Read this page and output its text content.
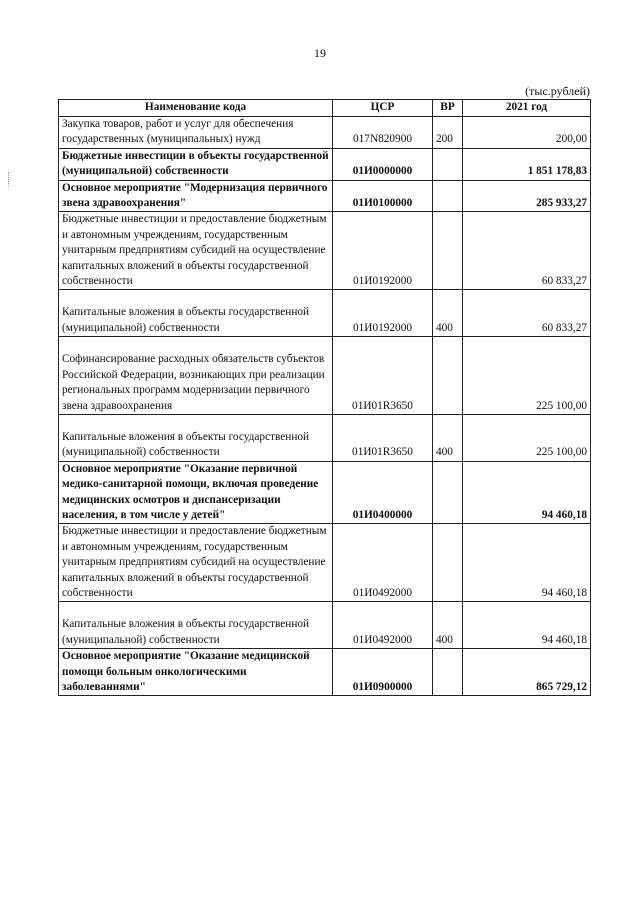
19
(тыс.рублей)
Наименование кода	ЦСР	ВР	2021 год
Закупка товаров, работ и услуг для обеспечения государственных (муниципальных) нужд	017N820900	200	200,00
Бюджетные инвестиции в объекты государственной (муниципальной) собственности	01И0000000		1 851 178,83
Основное мероприятие "Модернизация первичного звена здравоохранения"	01И0100000		285 933,27
Бюджетные инвестиции и предоставление бюджетным и автономным учреждениям, государственным унитарным предприятиям субсидий на осуществление капитальных вложений в объекты государственной собственности	01И0192000		60 833,27
Капитальные вложения в объекты государственной (муниципальной) собственности	01И0192000	400	60 833,27
Софинансирование расходных обязательств субъектов Российской Федерации, возникающих при реализации региональных программ модернизации первичного звена здравоохранения	01И01R3650		225 100,00
Капитальные вложения в объекты государственной (муниципальной) собственности	01И01R3650	400	225 100,00
Основное мероприятие "Оказание первичной медико-санитарной помощи, включая проведение медицинских осмотров и диспансеризации населения, в том числе у детей"	01И0400000		94 460,18
Бюджетные инвестиции и предоставление бюджетным и автономным учреждениям, государственным унитарным предприятиям субсидий на осуществление капитальных вложений в объекты государственной собственности	01И0492000		94 460,18
Капитальные вложения в объекты государственной (муниципальной) собственности	01И0492000	400	94 460,18
Основное мероприятие "Оказание медицинской помощи больным онкологическими заболеваниями"	01И0900000		865 729,12
